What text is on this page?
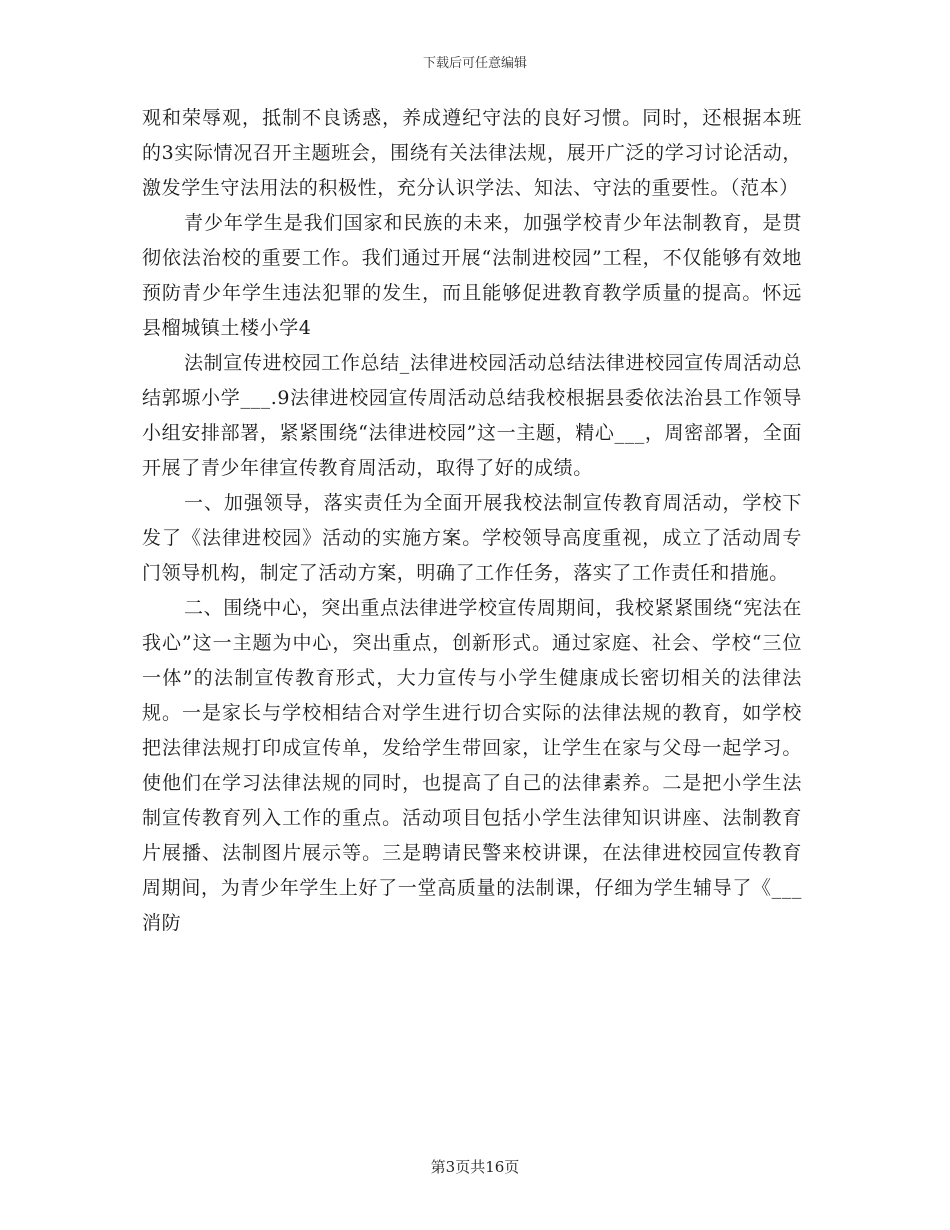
下载后可任意编辑

观和荣辱观，抵制不良诱惑，养成遵纪守法的良好习惯。同时，还根据本班的3实际情况召开主题班会，围绕有关法律法规，展开广泛的学习讨论活动，激发学生守法用法的积极性，充分认识学法、知法、守法的重要性。（范本）

青少年学生是我们国家和民族的未来，加强学校青少年法制教育，是贯彻依法治校的重要工作。我们通过开展“法制进校园”工程，不仅能够有效地预防青少年学生违法犯罪的发生，而且能够促进教育教学质量的提高。怀远县榴城镇土楼小学4

法制宣传进校园工作总结_法律进校园活动总结法律进校园宣传周活动总结郭塬小学___.9法律进校园宣传周活动总结我校根据县委依法治县工作领导小组安排部署，紧紧围绕“法律进校园”这一主题，精心___，周密部署，全面开展了青少年律宣传教育周活动，取得了好的成绩。

一、加强领导，落实责任为全面开展我校法制宣传教育周活动，学校下发了《法律进校园》活动的实施方案。学校领导高度重视，成立了活动周专门领导机构，制定了活动方案，明确了工作任务，落实了工作责任和措施。

二、围绕中心，突出重点法律进学校宣传周期间，我校紧紧围绕“宪法在我心”这一主题为中心，突出重点，创新形式。通过家庭、社会、学校“三位一体”的法制宣传教育形式，大力宣传与小学生健康成长密切相关的法律法规。一是家长与学校相结合对学生进行切合实际的法律法规的教育，如学校把法律法规打印成宣传单，发给学生带回家，让学生在家与父母一起学习。使他们在学习法律法规的同时，也提高了自己的法律素养。二是把小学生法制宣传教育列入工作的重点。活动项目包括小学生法律知识讲座、法制教育片展播、法制图片展示等。三是聘请民警来校讲课，在法律进校园宣传教育周期间，为青少年学生上好了一堂高质量的法制课，仔细为学生辅导了《___消防

第3页共16页
